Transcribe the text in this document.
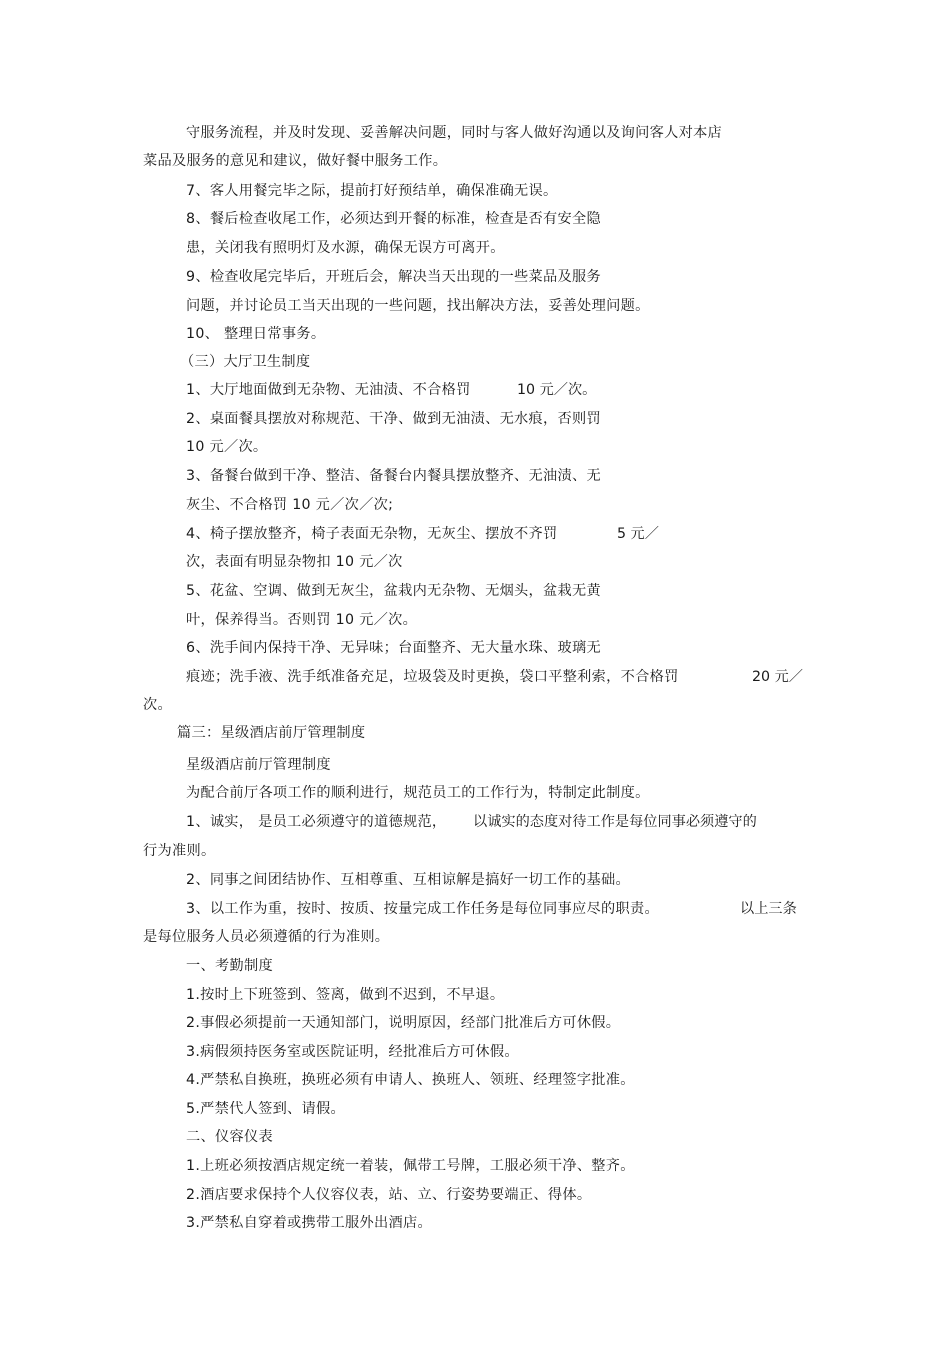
守服务流程，并及时发现、妥善解决问题，同时与客人做好沟通以及询问客人对本店
菜品及服务的意见和建议，做好餐中服务工作。
7、客人用餐完毕之际，提前打好预结单，确保准确无误。
8、餐后检查收尾工作，必须达到开餐的标准，检查是否有安全隐
患，关闭我有照明灯及水源，确保无误方可离开。
9、检查收尾完毕后，开班后会，解决当天出现的一些菜品及服务
问题，并讨论员工当天出现的一些问题，找出解决方法，妥善处理问题。
10、 整理日常事务。
（三）大厅卫生制度
1、大厅地面做到无杂物、无油渍、不合格罚	10 元／次。
2、桌面餐具摆放对称规范、干净、做到无油渍、无水痕，否则罚
10 元／次。
3、备餐台做到干净、整洁、备餐台内餐具摆放整齐、无油渍、无
灰尘、不合格罚 10 元／次／次;
4、椅子摆放整齐，椅子表面无杂物，无灰尘、摆放不齐罚	5 元／
次，表面有明显杂物扣 10 元／次
5、花盆、空调、做到无灰尘，盆栽内无杂物、无烟头，盆栽无黄
叶，保养得当。否则罚 10 元／次。
6、洗手间内保持干净、无异味；台面整齐、无大量水珠、玻璃无
痕迹；洗手液、洗手纸准备充足，垃圾袋及时更换，袋口平整利索，不合格罚	20 元／
次。
篇三：星级酒店前厅管理制度
星级酒店前厅管理制度
为配合前厅各项工作的顺利进行，规范员工的工作行为，特制定此制度。
1、诚实， 是员工必须遵守的道德规范， 以诚实的态度对待工作是每位同事必须遵守的
行为准则。
2、同事之间团结协作、互相尊重、互相谅解是搞好一切工作的基础。
3、以工作为重，按时、按质、按量完成工作任务是每位同事应尽的职责。	以上三条
是每位服务人员必须遵循的行为准则。
一、考勤制度
1.按时上下班签到、签离，做到不迟到，不早退。
2.事假必须提前一天通知部门，说明原因，经部门批准后方可休假。
3.病假须持医务室或医院证明，经批准后方可休假。
4.严禁私自换班，换班必须有申请人、换班人、领班、经理签字批准。
5.严禁代人签到、请假。
二、仪容仪表
1.上班必须按酒店规定统一着装，佩带工号牌，工服必须干净、整齐。
2.酒店要求保持个人仪容仪表，站、立、行姿势要端正、得体。
3.严禁私自穿着或携带工服外出酒店。
